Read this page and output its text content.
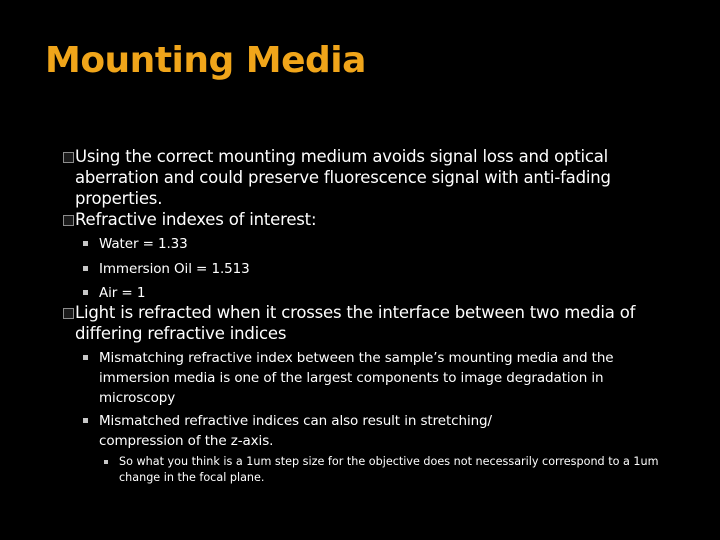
Mounting Media

Using the correct mounting medium avoids signal loss and optical aberration and could preserve fluorescence signal with anti-fading properties.

Refractive indexes of interest:

Water = 1.33

Immersion Oil = 1.513

Air = 1

Light is refracted when it crosses the interface between two media of differing refractive indices

Mismatching refractive index between the sample’s mounting media and the immersion media is one of the largest components to image degradation in microscopy

Mismatched refractive indices can also result in stretching/ compression of the z-axis.

So what you think is a 1um step size for the objective does not necessarily correspond to a 1um change in the focal plane.
